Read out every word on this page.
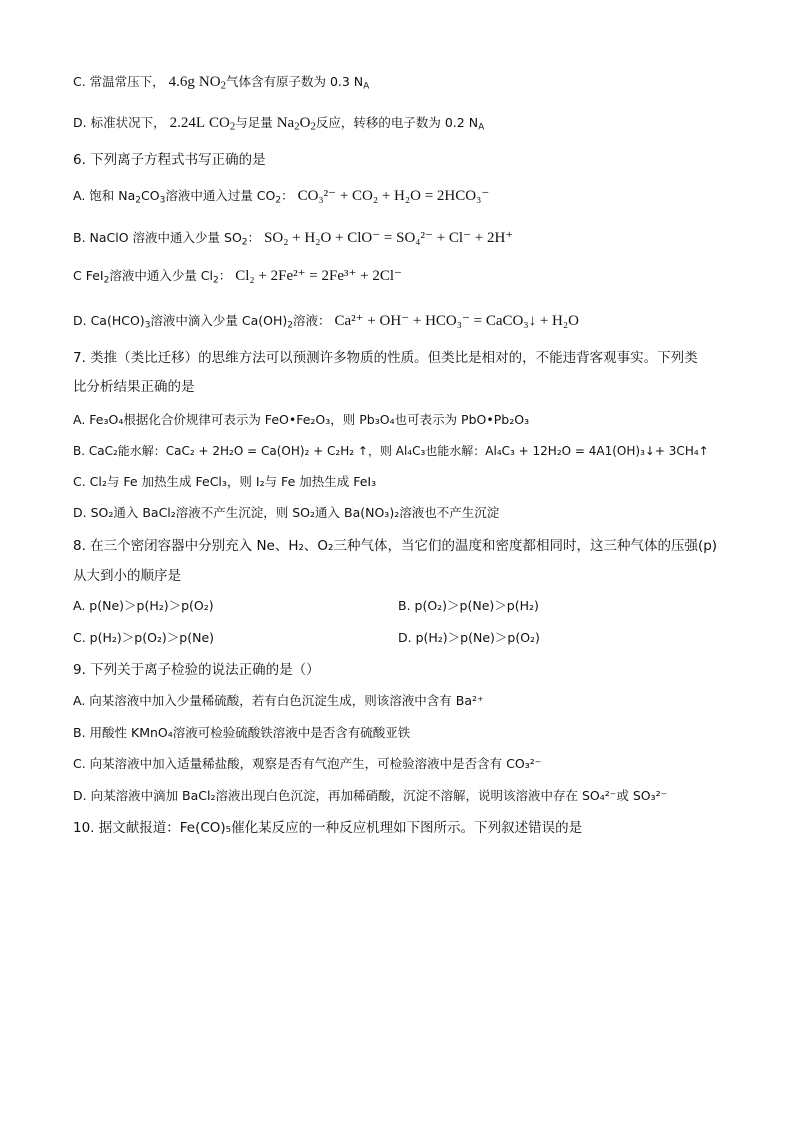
C. 常温常压下， 4.6g $NO_2$气体含有原子数为 0.3 $N_A$
D. 标准状况下， 2.24L $CO_2$与足量 $Na_2O_2$反应，转移的电子数为 0.2 $N_A$
6. 下列离子方程式书写正确的是
A. 饱和 $Na_2CO_3$溶液中通入过量 $CO_2$： CO₃²⁻ + CO₂ + H₂O = 2HCO₃⁻
B. NaClO 溶液中通入少量 $SO_2$： SO₂ + H₂O + ClO⁻ = SO₄²⁻ + Cl⁻ + 2H⁺
C FeI$_2$溶液中通入少量 $Cl_2$： Cl₂ + 2Fe²⁺ = 2Fe³⁺ + 2Cl⁻
D. $Ca(HCO)_3$溶液中滴入少量 $Ca(OH)_2$溶液： Ca²⁺ + OH⁻ + HCO₃⁻ = CaCO₃↓ + H₂O
7. 类推（类比迁移）的思维方法可以预测许多物质的性质。但类比是相对的，不能违背客观事实。下列类
比分析结果正确的是
A. Fe₃O₄根据化合价规律可表示为 FeO•Fe₂O₃，则 Pb₃O₄也可表示为 PbO•Pb₂O₃
B. CaC₂能水解：CaC₂ + 2H₂O = Ca(OH)₂ + C₂H₂ ↑，则 Al₄C₃也能水解：Al₄C₃ + 12H₂O = 4A1(OH)₃↓+ 3CH₄↑
C. Cl₂与 Fe 加热生成 FeCl₃，则 I₂与 Fe 加热生成 FeI₃
D. SO₂通入 BaCl₂溶液不产生沉淀，则 SO₂通入 Ba(NO₃)₂溶液也不产生沉淀
8. 在三个密闭容器中分别充入 Ne、H₂、O₂三种气体，当它们的温度和密度都相同时，这三种气体的压强(p)
从大到小的顺序是
A. p(Ne)＞p(H₂)＞p(O₂)	B. p(O₂)＞p(Ne)＞p(H₂)
C. p(H₂)＞p(O₂)＞p(Ne)	D. p(H₂)＞p(Ne)＞p(O₂)
9. 下列关于离子检验的说法正确的是（）
A. 向某溶液中加入少量稀硫酸，若有白色沉淀生成，则该溶液中含有 Ba²⁺
B. 用酸性 KMnO₄溶液可检验硫酸铁溶液中是否含有硫酸亚铁
C. 向某溶液中加入适量稀盐酸，观察是否有气泡产生，可检验溶液中是否含有 CO₃²⁻
D. 向某溶液中滴加 BaCl₂溶液出现白色沉淀，再加稀硝酸，沉淀不溶解，说明该溶液中存在 SO₄²⁻或 SO₃²⁻
10. 据文献报道：Fe(CO)₅催化某反应的一种反应机理如下图所示。下列叙述错误的是
